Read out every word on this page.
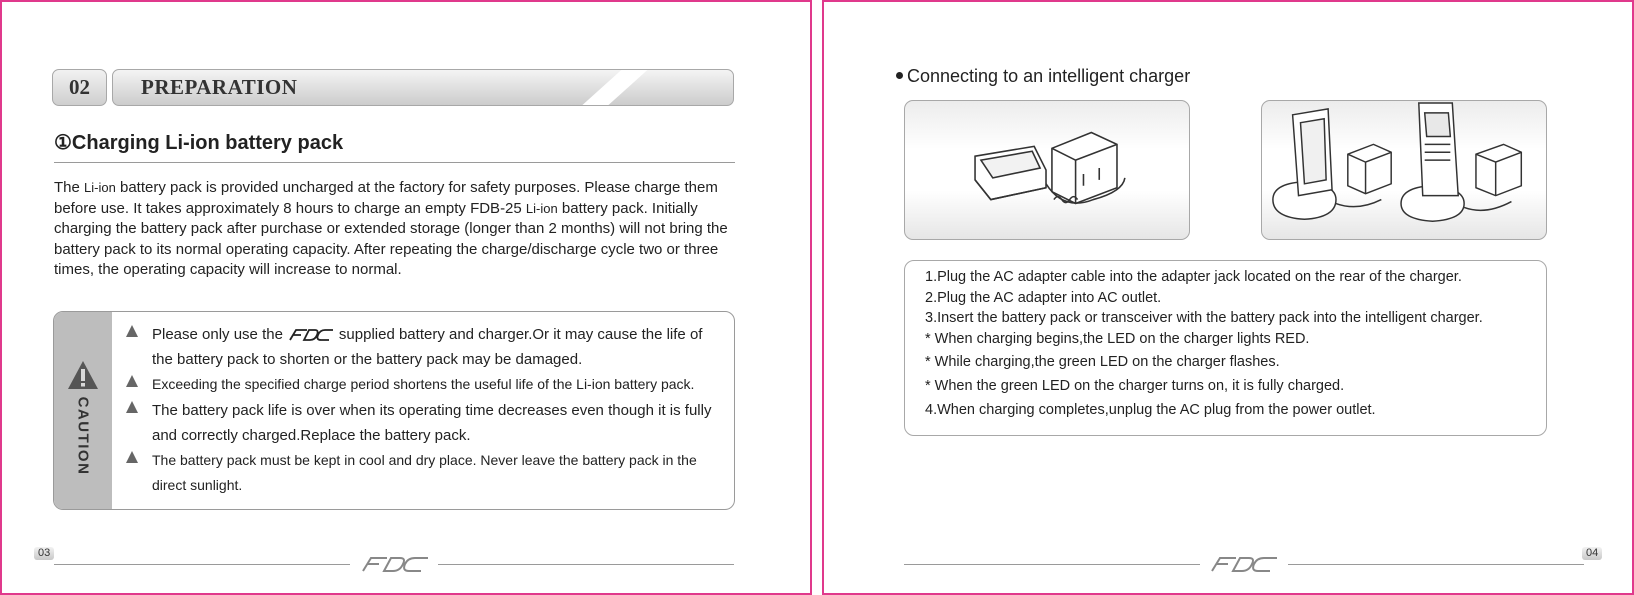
02	PREPARATION
①Charging Li-ion battery pack
The Li-ion battery pack is provided uncharged at the factory for safety purposes. Please charge them before use. It takes approximately 8 hours to charge an empty FDB-25 Li-ion battery pack. Initially charging the battery pack after purchase or extended storage (longer than 2 months) will not bring the battery pack to its normal operating capacity. After repeating the charge/discharge cycle two or three times, the operating capacity will increase to normal.
CAUTION
Please only use the	supplied battery and charger.Or it may cause the life of the battery pack to shorten or the battery pack may be damaged.
Exceeding the specified charge period shortens the useful life of the Li-ion battery pack.
The battery pack life is over when its operating time decreases even though it is fully and correctly charged.Replace the battery pack.
The battery pack must be kept in cool and dry place. Never leave the battery pack in the direct sunlight.
03
Connecting to an intelligent charger
1.Plug the AC adapter cable into the adapter jack located on the rear of the charger.
2.Plug the AC adapter into AC outlet.
3.Insert the battery pack or transceiver with the battery pack into the intelligent charger.
* When charging begins,the LED on the charger lights RED.
* While charging,the green LED on the charger flashes.
* When the green LED on the charger turns on, it is fully charged.
4.When charging completes,unplug the AC plug from the power outlet.
04
